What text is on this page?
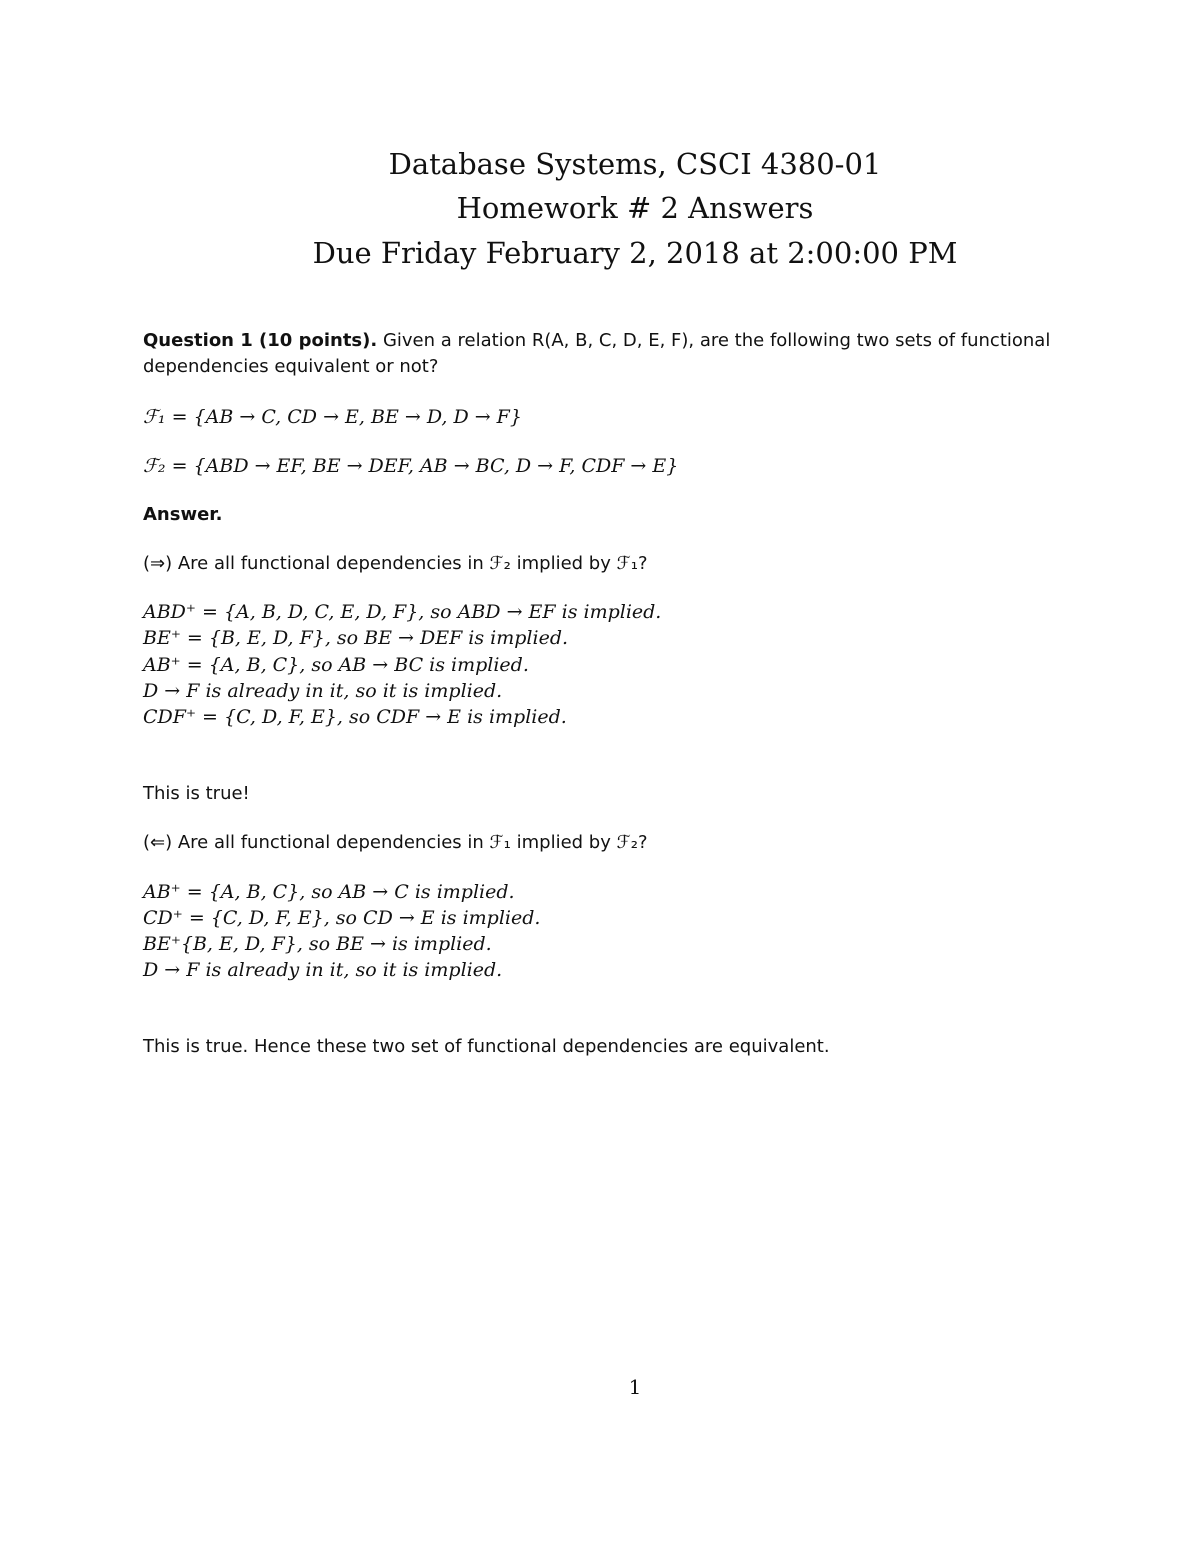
Database Systems, CSCI 4380-01
Homework # 2 Answers
Due Friday February 2, 2018 at 2:00:00 PM
Question 1 (10 points). Given a relation R(A, B, C, D, E, F), are the following two sets of functional
dependencies equivalent or not?
ℱ₁ = {AB → C, CD → E, BE → D, D → F}
ℱ₂ = {ABD → EF, BE → DEF, AB → BC, D → F, CDF → E}
Answer.
(⇒) Are all functional dependencies in ℱ₂ implied by ℱ₁?
ABD⁺ = {A, B, D, C, E, D, F}, so ABD → EF is implied.
BE⁺ = {B, E, D, F}, so BE → DEF is implied.
AB⁺ = {A, B, C}, so AB → BC is implied.
D → F is already in it, so it is implied.
CDF⁺ = {C, D, F, E}, so CDF → E is implied.
This is true!
(⇐) Are all functional dependencies in ℱ₁ implied by ℱ₂?
AB⁺ = {A, B, C}, so AB → C is implied.
CD⁺ = {C, D, F, E}, so CD → E is implied.
BE⁺{B, E, D, F}, so BE → is implied.
D → F is already in it, so it is implied.
This is true. Hence these two set of functional dependencies are equivalent.
1
